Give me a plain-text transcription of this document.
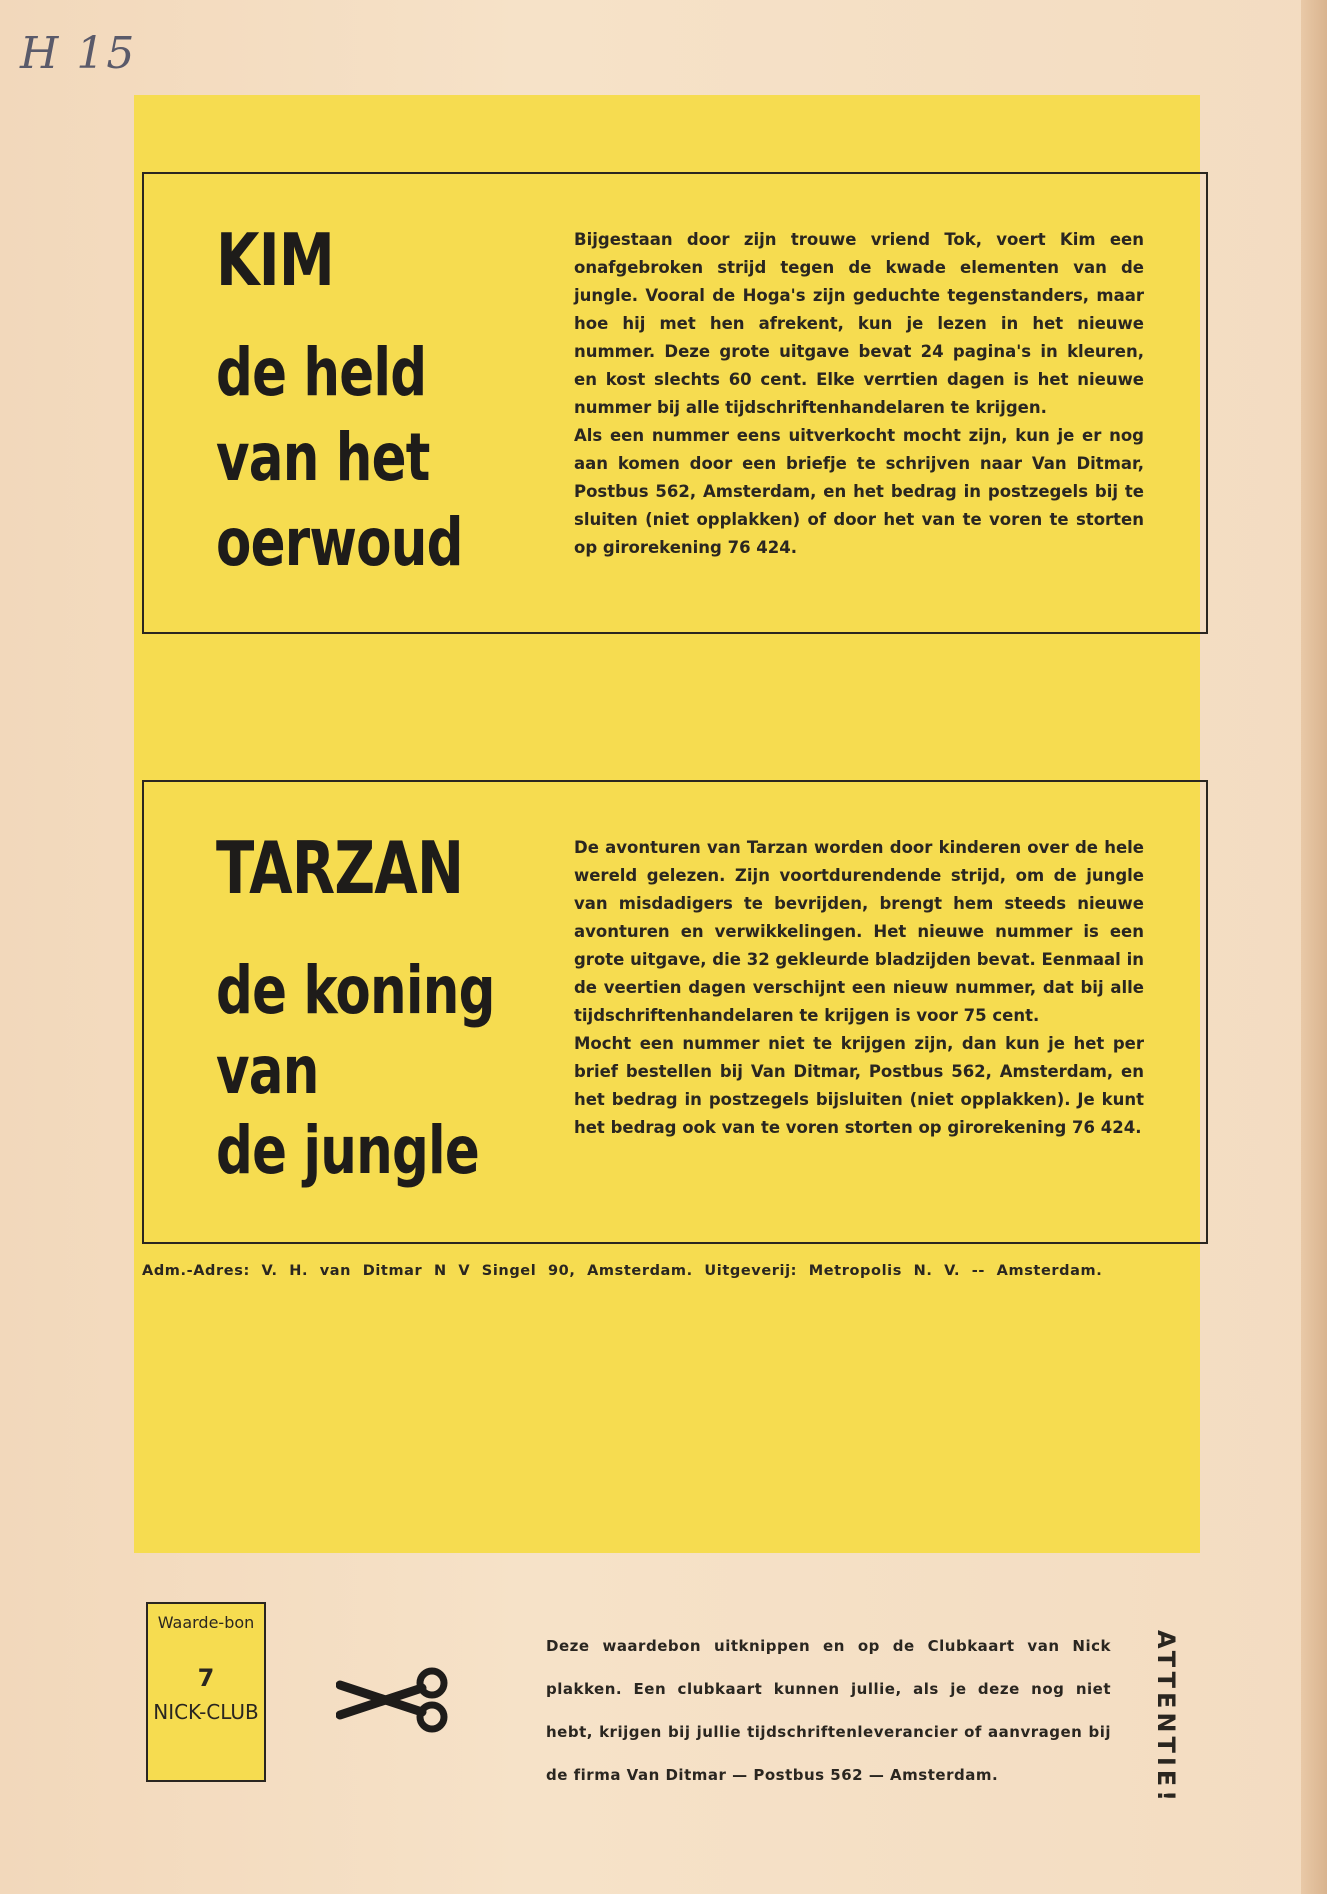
H 15
KIM
de held
van het
oerwoud

Bijgestaan door zijn trouwe vriend Tok, voert Kim een onafgebroken strijd tegen de kwade elementen van de jungle. Vooral de Hoga's zijn geduchte tegenstanders, maar hoe hij met hen afrekent, kun je lezen in het nieuwe nummer. Deze grote uitgave bevat 24 pagina's in kleuren, en kost slechts 60 cent. Elke verrtien dagen is het nieuwe nummer bij alle tijdschriftenhandelaren te krijgen.

Als een nummer eens uitverkocht mocht zijn, kun je er nog aan komen door een briefje te schrijven naar Van Ditmar, Postbus 562, Amsterdam, en het bedrag in postzegels bij te sluiten (niet opplakken) of door het van te voren te storten op girorekening 76 424.

TARZAN
de koning
van
de jungle

De avonturen van Tarzan worden door kinderen over de hele wereld gelezen. Zijn voortdurendende strijd, om de jungle van misdadigers te bevrijden, brengt hem steeds nieuwe avonturen en verwikkelingen. Het nieuwe nummer is een grote uitgave, die 32 gekleurde bladzijden bevat. Eenmaal in de veertien dagen verschijnt een nieuw nummer, dat bij alle tijdschriftenhandelaren te krijgen is voor 75 cent.

Mocht een nummer niet te krijgen zijn, dan kun je het per brief bestellen bij Van Ditmar, Postbus 562, Amsterdam, en het bedrag in postzegels bijsluiten (niet opplakken). Je kunt het bedrag ook van te voren storten op girorekening 76 424.

Adm.-Adres: V. H. van Ditmar N V Singel 90, Amsterdam. Uitgeverij: Metropolis N. V. -- Amsterdam.
Waarde-bon
7
NICK-CLUB
Deze waardebon uitknippen en op de Clubkaart van Nick plakken. Een clubkaart kunnen jullie, als je deze nog niet hebt, krijgen bij jullie tijdschriftenleverancier of aanvragen bij de firma Van Ditmar — Postbus 562 — Amsterdam.	ATTENTIE!
